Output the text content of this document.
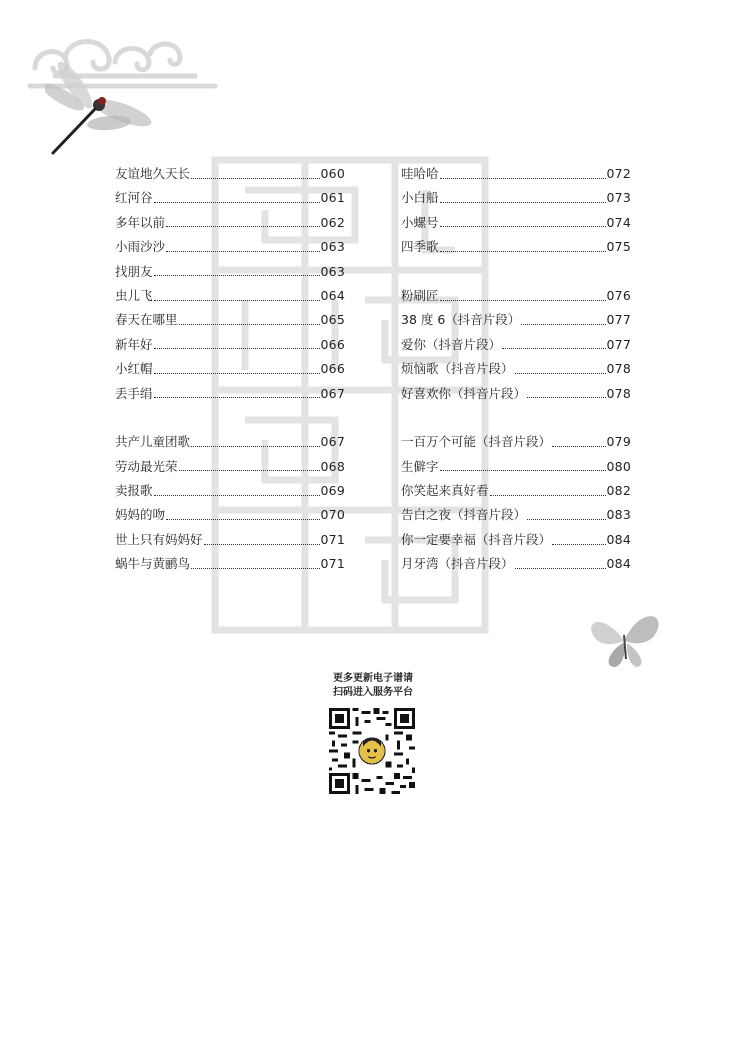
友谊地久天长	060
红河谷	061
多年以前	062
小雨沙沙	063
找朋友	063
虫儿飞	064
春天在哪里	065
新年好	066
小红帽	066
丢手绢	067
共产儿童团歌	067
劳动最光荣	068
卖报歌	069
妈妈的吻	070
世上只有妈妈好	071
蜗牛与黄鹂鸟	071
哇哈哈	072
小白船	073
小螺号	074
四季歌	075
粉刷匠	076
38 度 6（抖音片段）	077
爱你（抖音片段）	077
烦恼歌（抖音片段）	078
好喜欢你（抖音片段）	078
一百万个可能（抖音片段）	079
生僻字	080
你笑起来真好看	082
告白之夜（抖音片段）	083
你一定要幸福（抖音片段）	084
月牙湾（抖音片段）	084
更多更新电子谱请
扫码进入服务平台
